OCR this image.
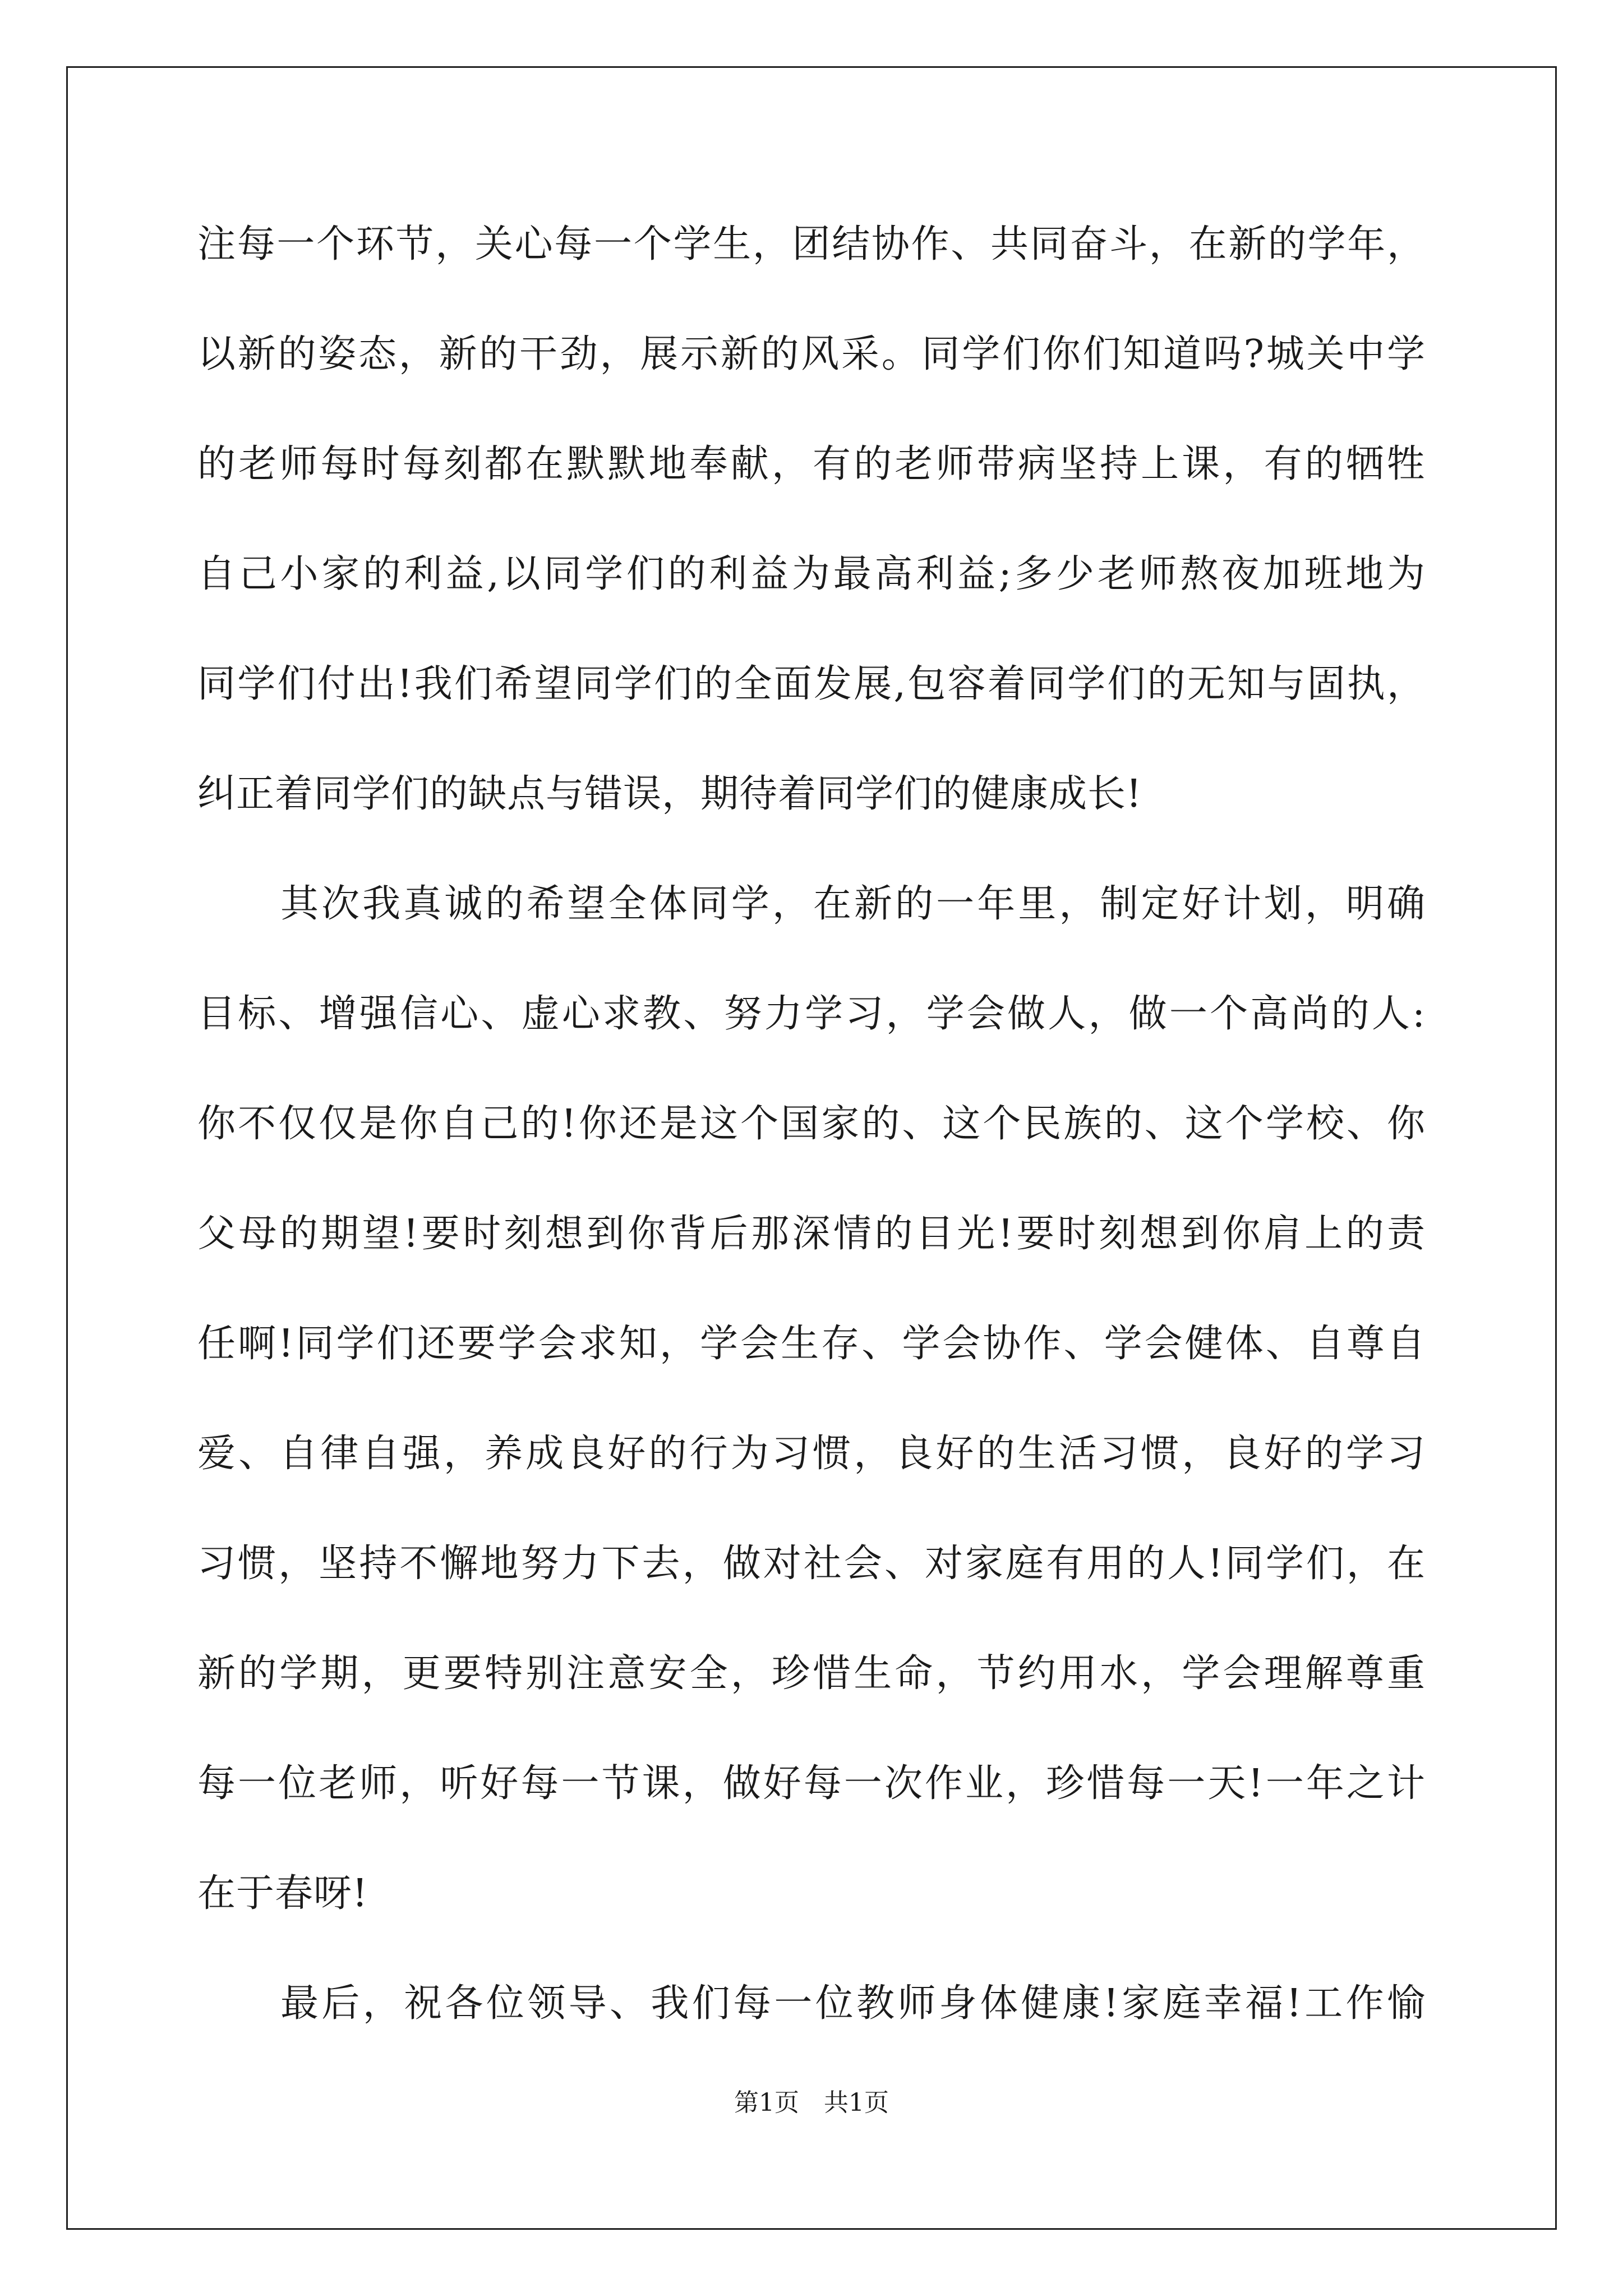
注每一个环节，关心每一个学生，团结协作、共同奋斗，在新的学年，
以新的姿态，新的干劲，展示新的风采。同学们你们知道吗?城关中学
的老师每时每刻都在默默地奉献，有的老师带病坚持上课，有的牺牲
自己小家的利益,以同学们的利益为最高利益;多少老师熬夜加班地为
同学们付出!我们希望同学们的全面发展,包容着同学们的无知与固执，
纠正着同学们的缺点与错误，期待着同学们的健康成长!
其次我真诚的希望全体同学，在新的一年里，制定好计划，明确
目标、增强信心、虚心求教、努力学习，学会做人，做一个高尚的人:
你不仅仅是你自己的!你还是这个国家的、这个民族的、这个学校、你
父母的期望!要时刻想到你背后那深情的目光!要时刻想到你肩上的责
任啊!同学们还要学会求知，学会生存、学会协作、学会健体、自尊自
爱、自律自强，养成良好的行为习惯，良好的生活习惯，良好的学习
习惯，坚持不懈地努力下去，做对社会、对家庭有用的人!同学们，在
新的学期，更要特别注意安全，珍惜生命，节约用水，学会理解尊重
每一位老师，听好每一节课，做好每一次作业，珍惜每一天!一年之计
在于春呀!
最后，祝各位领导、我们每一位教师身体健康!家庭幸福!工作愉
第1页　共1页
